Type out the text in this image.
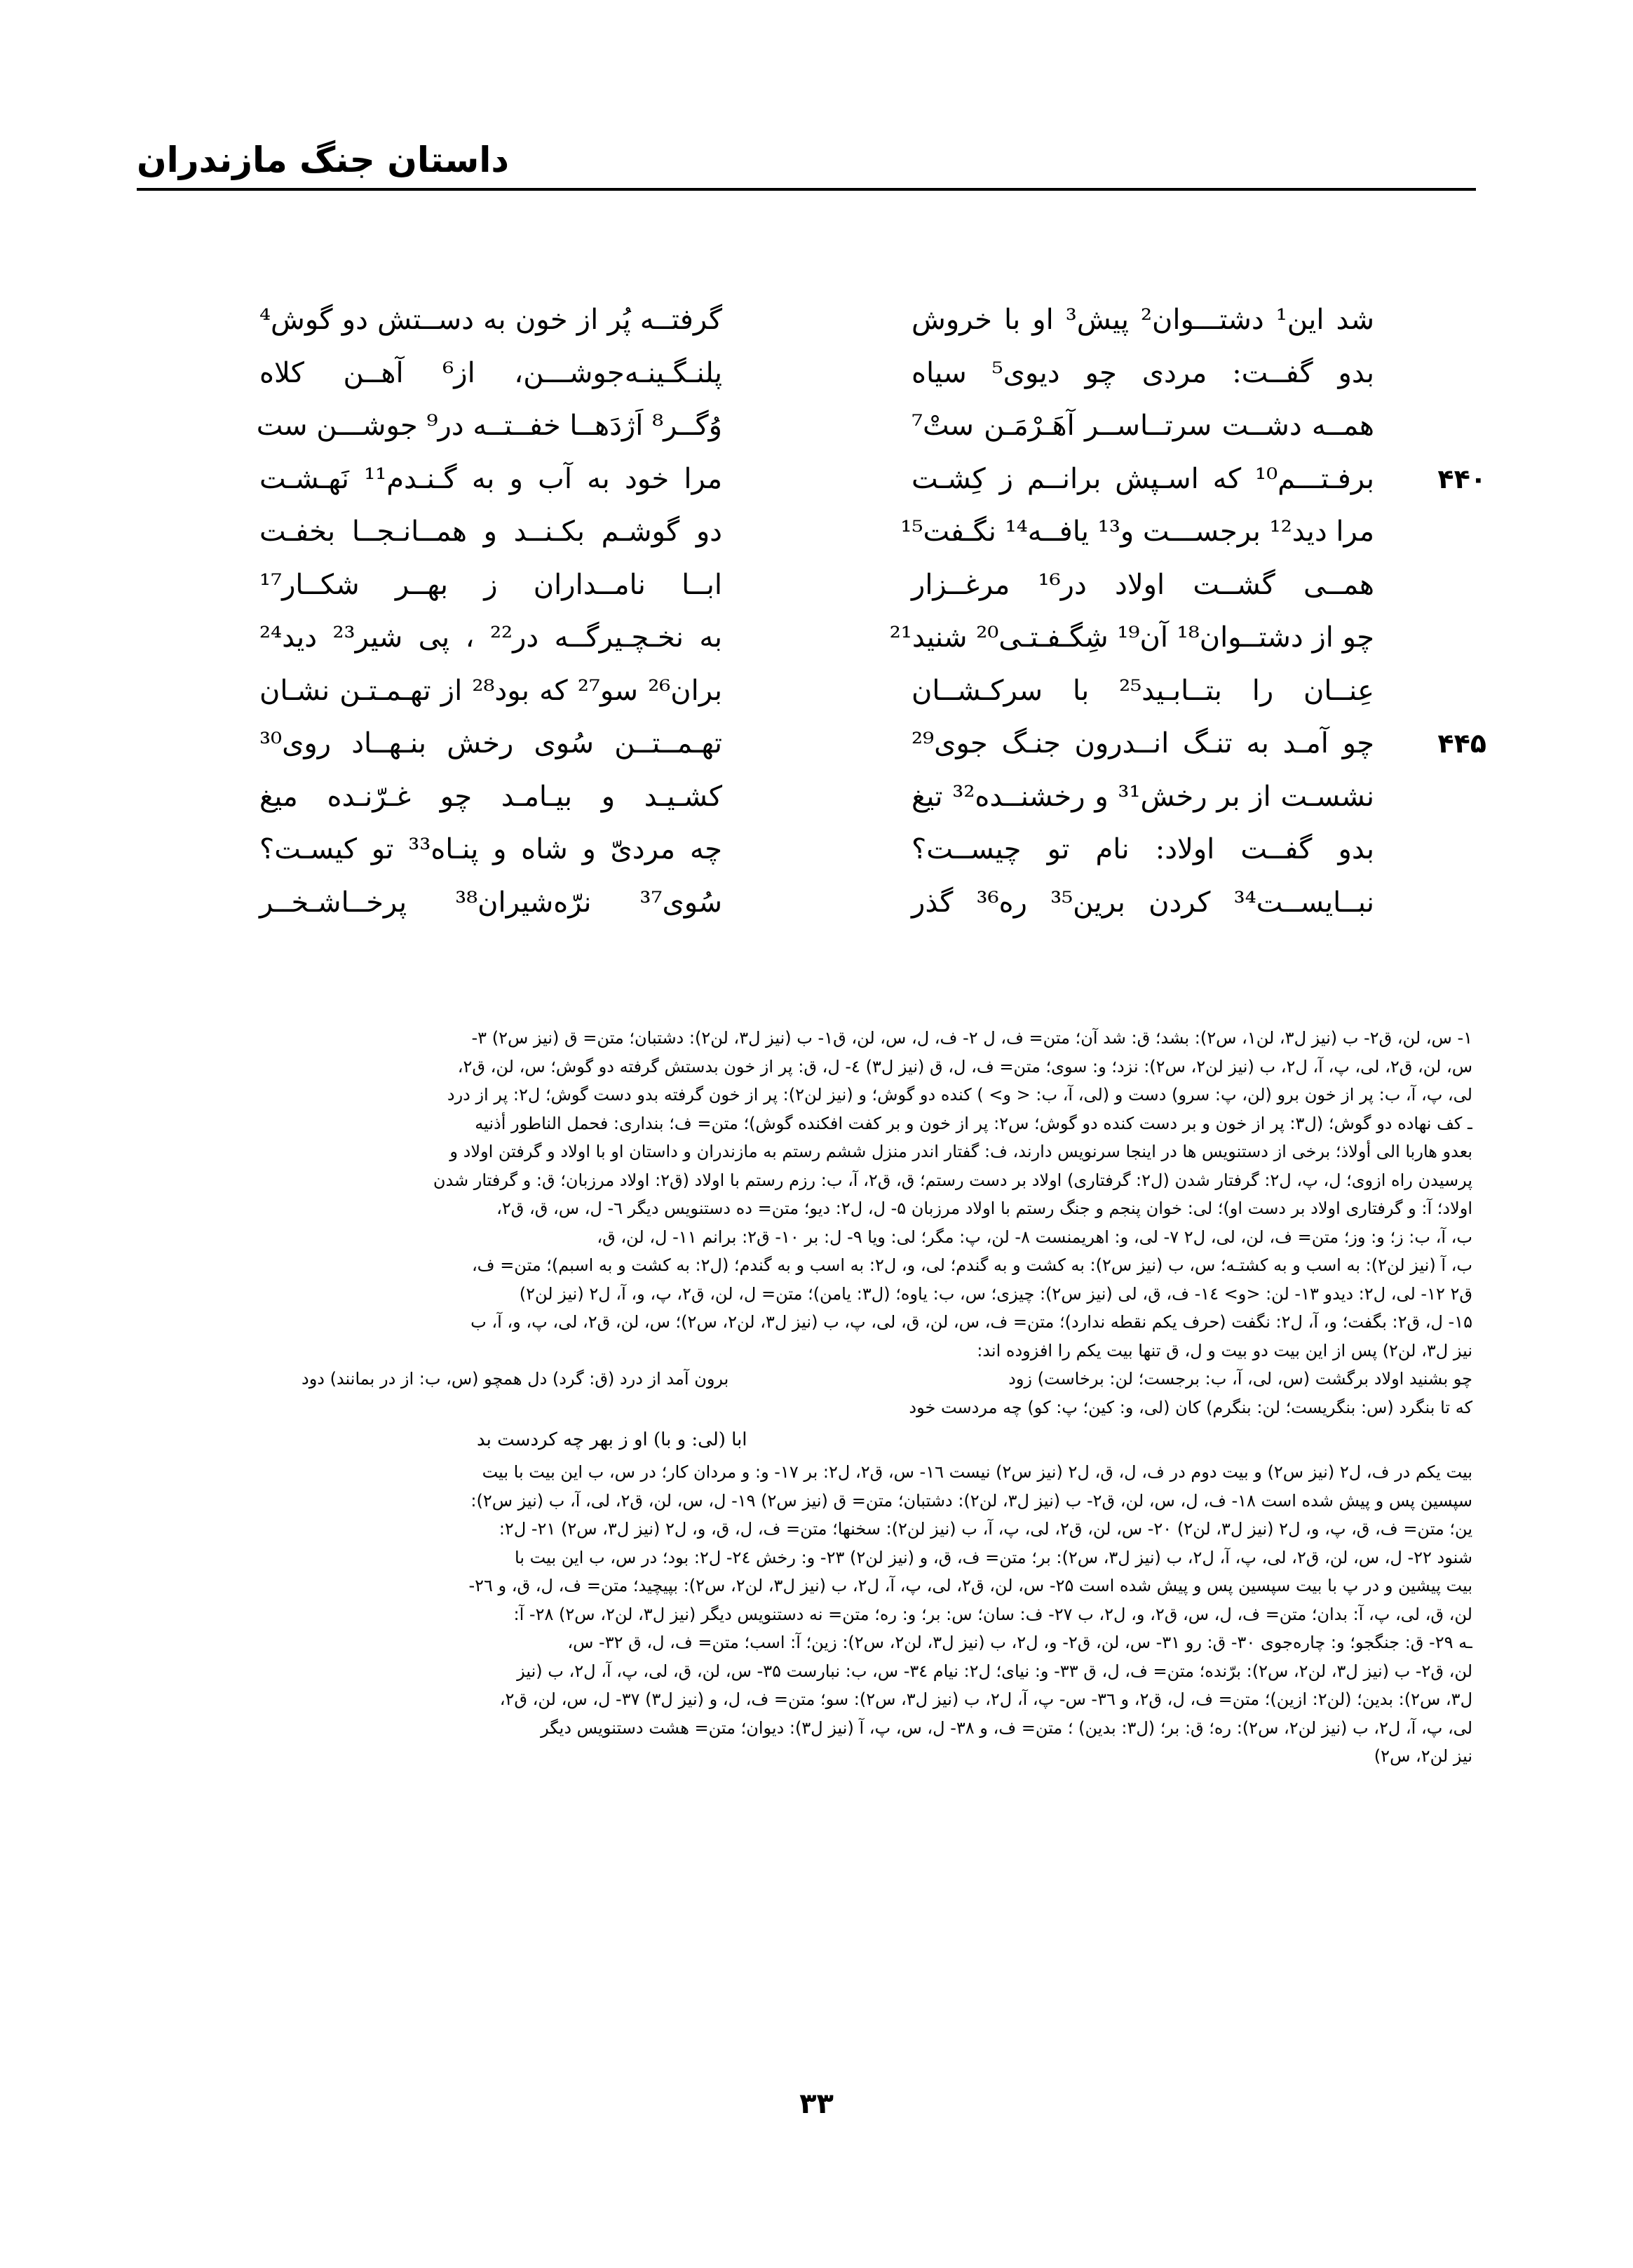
داستان جنگ مازندران
شد این¹ دشتـــوان² پیش³ او با خروش
گرفتــه پُر از خون به دســتش دو گوش⁴
بدو گفــت: مردی چو دیوی⁵ سیاه
پلنـگـینـه‌جوشـــن، از⁶ آهــن کلاه
همــه دشــت سرتــاســر آهَـرْمَـن ستْ⁷
وُگــر⁸ اَژدَهــا خفــتــه در⁹ جوشـــن ست
۴۴۰
برفـتـــم¹⁰ که اسـپش برانــم ز کِشـت
مرا خود به آب و به گـنـدم¹¹ نَهـشـت
مرا دید¹² برجســـت و¹³ یافــه¹⁴ نگـفت¹⁵
دو گوشـم بکـنــد و همــانـجــا بخفـت
همــی گشــت اولاد در¹⁶ مرغــزار
ابــا نامــداران ز بهــر شکــار¹⁷
چو از دشتــوان¹⁸ آن¹⁹ شِگـفـتـی²⁰ شنید²¹
به نخـچـیرگــه در²² ، پی شیر²³ دید²⁴
عِنــان را بتــابـید²⁵ با سرکـشــان
بران²⁶ سو²⁷ که بود²⁸ از تهـمـتـن نشـان
۴۴۵
چو آمـد به تنـگ انــدرون جنـگ جوی²⁹
تهـمــتــن سُوی رخش بنـهــاد روی³⁰
نشسـت از بر رخش³¹ و رخشنــده³² تیغ
کشـیـد و بیـامـد چو غـرّنـده میغ
بدو گفــت اولاد: نام تو چیســت؟
چه مردیّ و شاه و پنـاه³³ تو کیسـت؟
نبــایســت³⁴ کردن برین³⁵ ره³⁶ گذر
سُوی³⁷ نرّه‌شیران³⁸ پرخــاشـخــر
۱- س، لن، ق۲- ب (نیز ل۳، لن۱، س۲): بشد؛ ق: شد آن؛ متن= ف، ل ۲- ف، ل، س، لن، ق۱- ب (نیز ل۳، لن۲): دشتبان؛ متن= ق (نیز س۲) ۳-
س، لن، ق۲، لی، پ، آ، ل۲، ب (نیز لن۲، س۲): نزد؛ و: سوی؛ متن= ف، ل، ق (نیز ل۳) ٤- ل، ق: پر از خون بدستش گرفته دو گوش؛ س، لن، ق۲،
لی، پ، آ، ب: پر از خون برو (لن، پ: سرو) دست و (لی، آ، ب: < و> ) کنده دو گوش؛ و (نیز لن۲): پر از خون گرفته بدو دست گوش؛ ل۲: پر از درد
ـ کف نهاده دو گوش؛ (ل۳: پر از خون و بر دست کنده دو گوش؛ س۲: پر از خون و بر کفت افکنده گوش)؛ متن= ف؛ بنداری: فحمل الناطور أذنیه
بعدو هاربا الی أولاذ؛ برخی از دستنویس ها در اینجا سرنویس دارند، ف: گفتار اندر منزل ششم رستم به مازندران و داستان او با اولاد و گرفتن اولاد و
پرسیدن راه ازوی؛ ل، پ، ل۲: گرفتار شدن (ل۲: گرفتاری) اولاد بر دست رستم؛ ق، ق۲، آ، ب: رزم رستم با اولاد (ق۲: اولاد مرزبان؛ ق: و گرفتار شدن
اولاد؛ آ: و گرفتاری اولاد بر دست او)؛ لی: خوان پنجم و جنگ رستم با اولاد مرزبان ۵- ل، ل۲: دیو؛ متن= ده دستنویس دیگر ٦- ل، س، ق، ق۲،
ب، آ، ب: ز؛ و: وز؛ متن= ف، لن، لی، ل۲ ۷- لی، و: اهریمنست ۸- لن، پ: مگر؛ لی: ویا ۹- ل: بر ۱۰- ق۲: برانم ۱۱- ل، لن، ق،
ب، آ (نیز لن۲): به اسب و به کشتـه؛ س، ب (نیز س۲): به کشت و به گندم؛ لی، و، ل۲: به اسب و به گندم؛ (ل۲: به کشت و به اسبم)؛ متن= ف،
ق۲ ۱۲- لی، ل۲: دیدو ۱۳- لن: <و> ۱٤- ف، ق، لی (نیز س۲): چیزی؛ س، ب: یاوه؛ (ل۳: یامن)؛ متن= ل، لن، ق۲، پ، و، آ، ل۲ (نیز لن۲)
۱۵- ل، ق۲: بگفت؛ و، آ، ل۲: نگفت (حرف یکم نقطه ندارد)؛ متن= ف، س، لن، ق، لی، پ، ب (نیز ل۳، لن۲، س۲)؛ س، لن، ق۲، لی، پ، و، آ، ب
نیز ل۳، لن۲) پس از این بیت دو بیت و ل، ق تنها بیت یکم را افزوده اند:
چو بشنید اولاد برگشت (س، لی، آ، ب: برجست؛ لن: برخاست) زود
برون آمد از درد (ق: گرد) دل همچو (س، ب: از در بمانند) دود
که تا بنگرد (س: بنگریست؛ لن: بنگرم) کان (لی، و: کین؛ پ: کو) چه مردست خود
ابا (لی: و با) او ز بهر چه کردست بد
بیت یکم در ف، ل۲ (نیز س۲) و بیت دوم در ف، ل، ق، ل۲ (نیز س۲) نیست ۱٦- س، ق۲، ل۲: بر ۱۷- و: و مردان کار؛ در س، ب این بیت با بیت
سپسین پس و پیش شده است ۱۸- ف، ل، س، لن، ق۲- ب (نیز ل۳، لن۲): دشتبان؛ متن= ق (نیز س۲) ۱۹- ل، س، لن، ق۲، لی، آ، ب (نیز س۲):
ین؛ متن= ف، ق، پ، و، ل۲ (نیز ل۳، لن۲) ۲۰- س، لن، ق۲، لی، پ، آ، ب (نیز لن۲): سخنها؛ متن= ف، ل، ق، و، ل۲ (نیز ل۳، س۲) ۲۱- ل۲:
شنود ۲۲- ل، س، لن، ق۲، لی، پ، آ، ل۲، ب (نیز ل۳، س۲): بر؛ متن= ف، ق، و (نیز لن۲) ۲۳- و: رخش ۲٤- ل۲: بود؛ در س، ب این بیت با
بیت پیشین و در پ با بیت سپسین پس و پیش شده است ۲۵- س، لن، ق۲، لی، پ، آ، ل۲، ب (نیز ل۳، لن۲، س۲): بپیچید؛ متن= ف، ل، ق، و ۲٦-
لن، ق، لی، پ، آ: بدان؛ متن= ف، ل، س، ق۲، و، ل۲، ب ۲۷- ف: سان؛ س: بر؛ و: ره؛ متن= نه دستنویس دیگر (نیز ل۳، لن۲، س۲) ۲۸- آ:
ـه ۲۹- ق: جنگجو؛ و: چاره‌جوی ۳۰- ق: رو ۳۱- س، لن، ق۲- و، ل۲، ب (نیز ل۳، لن۲، س۲): زین؛ آ: اسب؛ متن= ف، ل، ق ۳۲- س،
لن، ق۲- ب (نیز ل۳، لن۲، س۲): برّنده؛ متن= ف، ل، ق ۳۳- و: نیای؛ ل۲: نیام ۳٤- س، ب: نبارست ۳۵- س، لن، ق، لی، پ، آ، ل۲، ب (نیز
ل۳، س۲): بدین؛ (لن۲: ازین)؛ متن= ف، ل، ق۲، و ۳٦- س- پ، آ، ل۲، ب (نیز ل۳، س۲): سو؛ متن= ف، ل، و (نیز ل۳) ۳۷- ل، س، لن، ق۲،
لی، پ، آ، ل۲، ب (نیز لن۲، س۲): ره؛ ق: بر؛ (ل۳: بدین) ؛ متن= ف، و ۳۸- ل، س، پ، آ (نیز ل۳): دیوان؛ متن= هشت دستنویس دیگر
نیز لن۲، س۲)
۳۳
